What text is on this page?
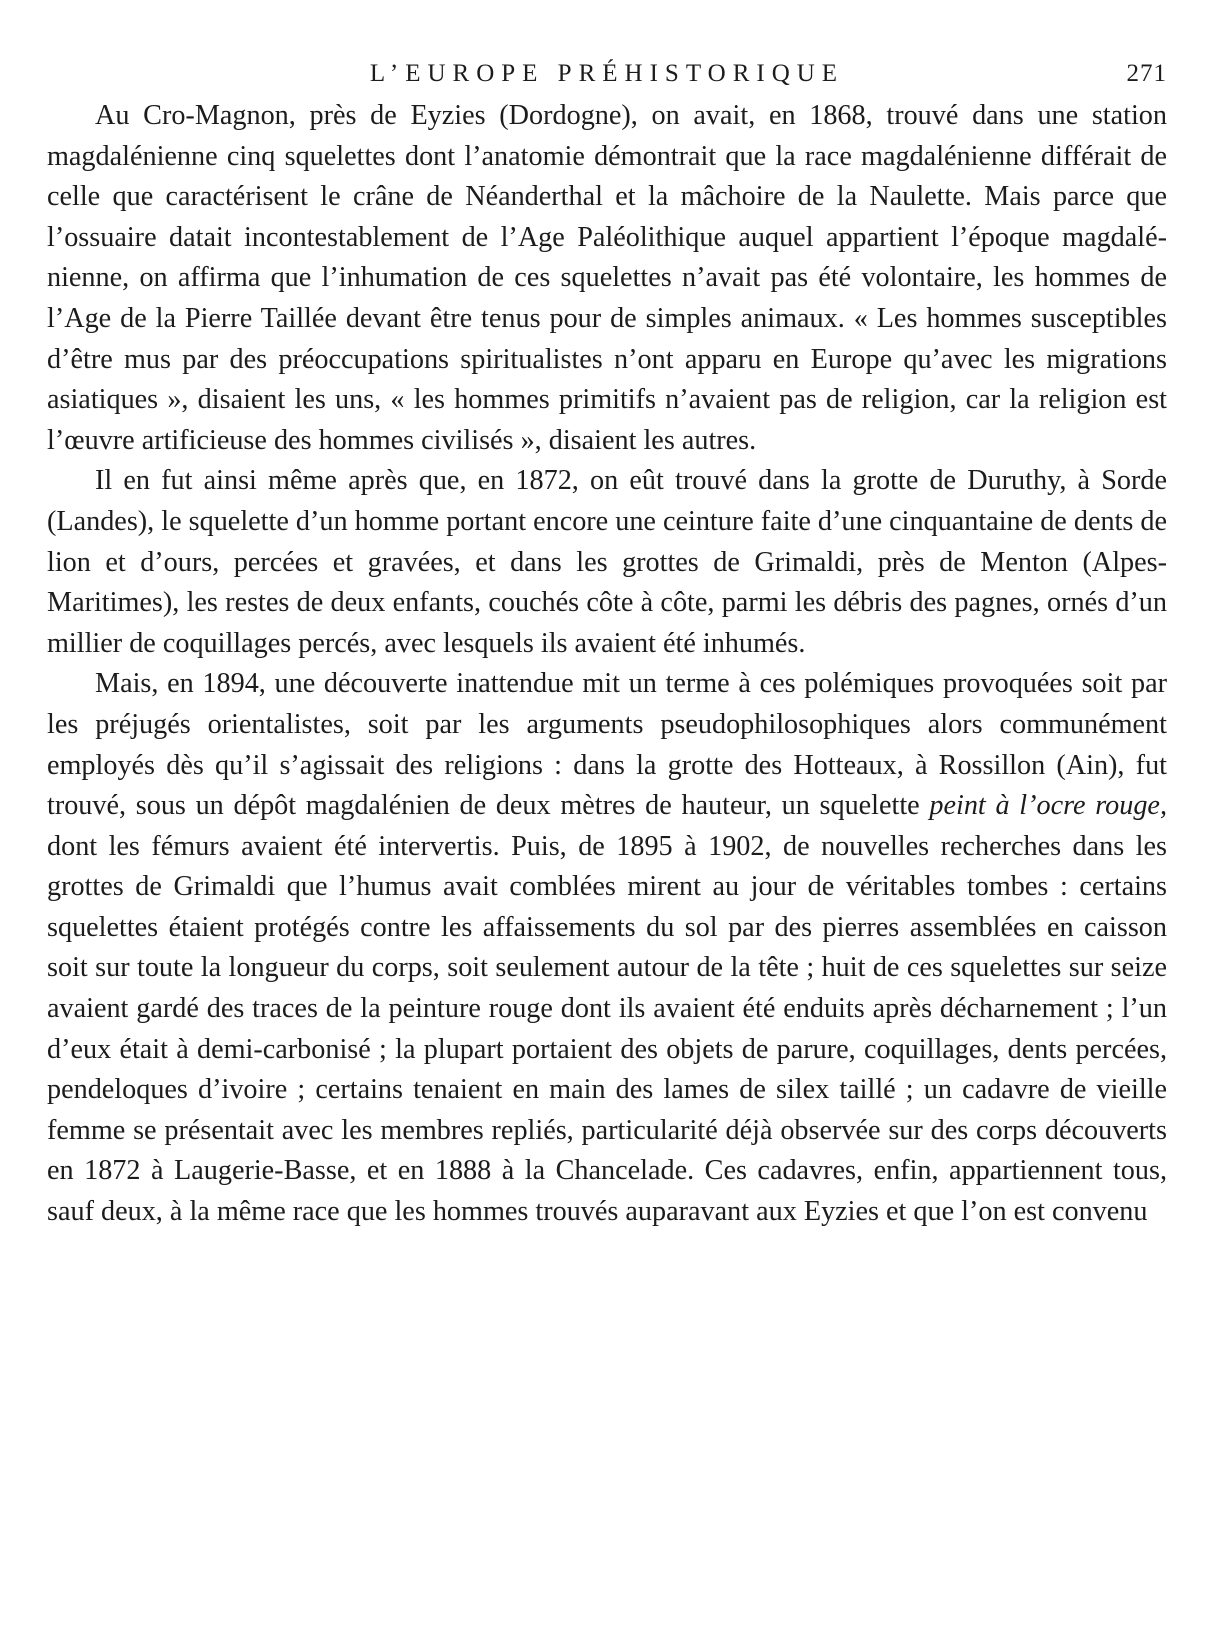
L’EUROPE PRÉHISTORIQUE	271

Au Cro-Magnon, près de Eyzies (Dordogne), on avait, en 1868, trouvé dans une station magdalénienne cinq squelettes dont l’anatomie démontrait que la race magdalénienne différait de celle que caractérisent le crâne de Néanderthal et la mâchoire de la Naulette. Mais parce que l’ossuaire datait incontestablement de l’Age Paléolithique auquel appartient l’époque magdalénienne, on affirma que l’inhumation de ces squelettes n’avait pas été volontaire, les hommes de l’Age de la Pierre Taillée devant être tenus pour de simples animaux. « Les hommes susceptibles d’être mus par des préoccupations spiritualistes n’ont apparu en Europe qu’avec les migrations asiatiques », disaient les uns, « les hommes primitifs n’avaient pas de religion, car la religion est l’œuvre artificieuse des hommes civilisés », disaient les autres.

Il en fut ainsi même après que, en 1872, on eût trouvé dans la grotte de Duruthy, à Sorde (Landes), le squelette d’un homme portant encore une ceinture faite d’une cinquantaine de dents de lion et d’ours, percées et gravées, et dans les grottes de Grimaldi, près de Menton (Alpes-Maritimes), les restes de deux enfants, couchés côte à côte, parmi les débris des pagnes, ornés d’un millier de coquillages percés, avec lesquels ils avaient été inhumés.

Mais, en 1894, une découverte inattendue mit un terme à ces polémiques provoquées soit par les préjugés orientalistes, soit par les arguments pseudophilosophiques alors communément employés dès qu’il s’agissait des religions : dans la grotte des Hotteaux, à Rossillon (Ain), fut trouvé, sous un dépôt magdalénien de deux mètres de hauteur, un squelette peint à l’ocre rouge, dont les fémurs avaient été intervertis. Puis, de 1895 à 1902, de nouvelles recherches dans les grottes de Grimaldi que l’humus avait comblées mirent au jour de véritables tombes : certains squelettes étaient protégés contre les affaissements du sol par des pierres assemblées en caisson soit sur toute la longueur du corps, soit seulement autour de la tête ; huit de ces squelettes sur seize avaient gardé des traces de la peinture rouge dont ils avaient été enduits après décharnement ; l’un d’eux était à demi-carbonisé ; la plupart portaient des objets de parure, coquillages, dents percées, pendeloques d’ivoire ; certains tenaient en main des lames de silex taillé ; un cadavre de vieille femme se présentait avec les membres repliés, particularité déjà observée sur des corps découverts en 1872 à Laugerie-Basse, et en 1888 à la Chancelade. Ces cadavres, enfin, appartiennent tous, sauf deux, à la même race que les hommes trouvés auparavant aux Eyzies et que l’on est convenu
